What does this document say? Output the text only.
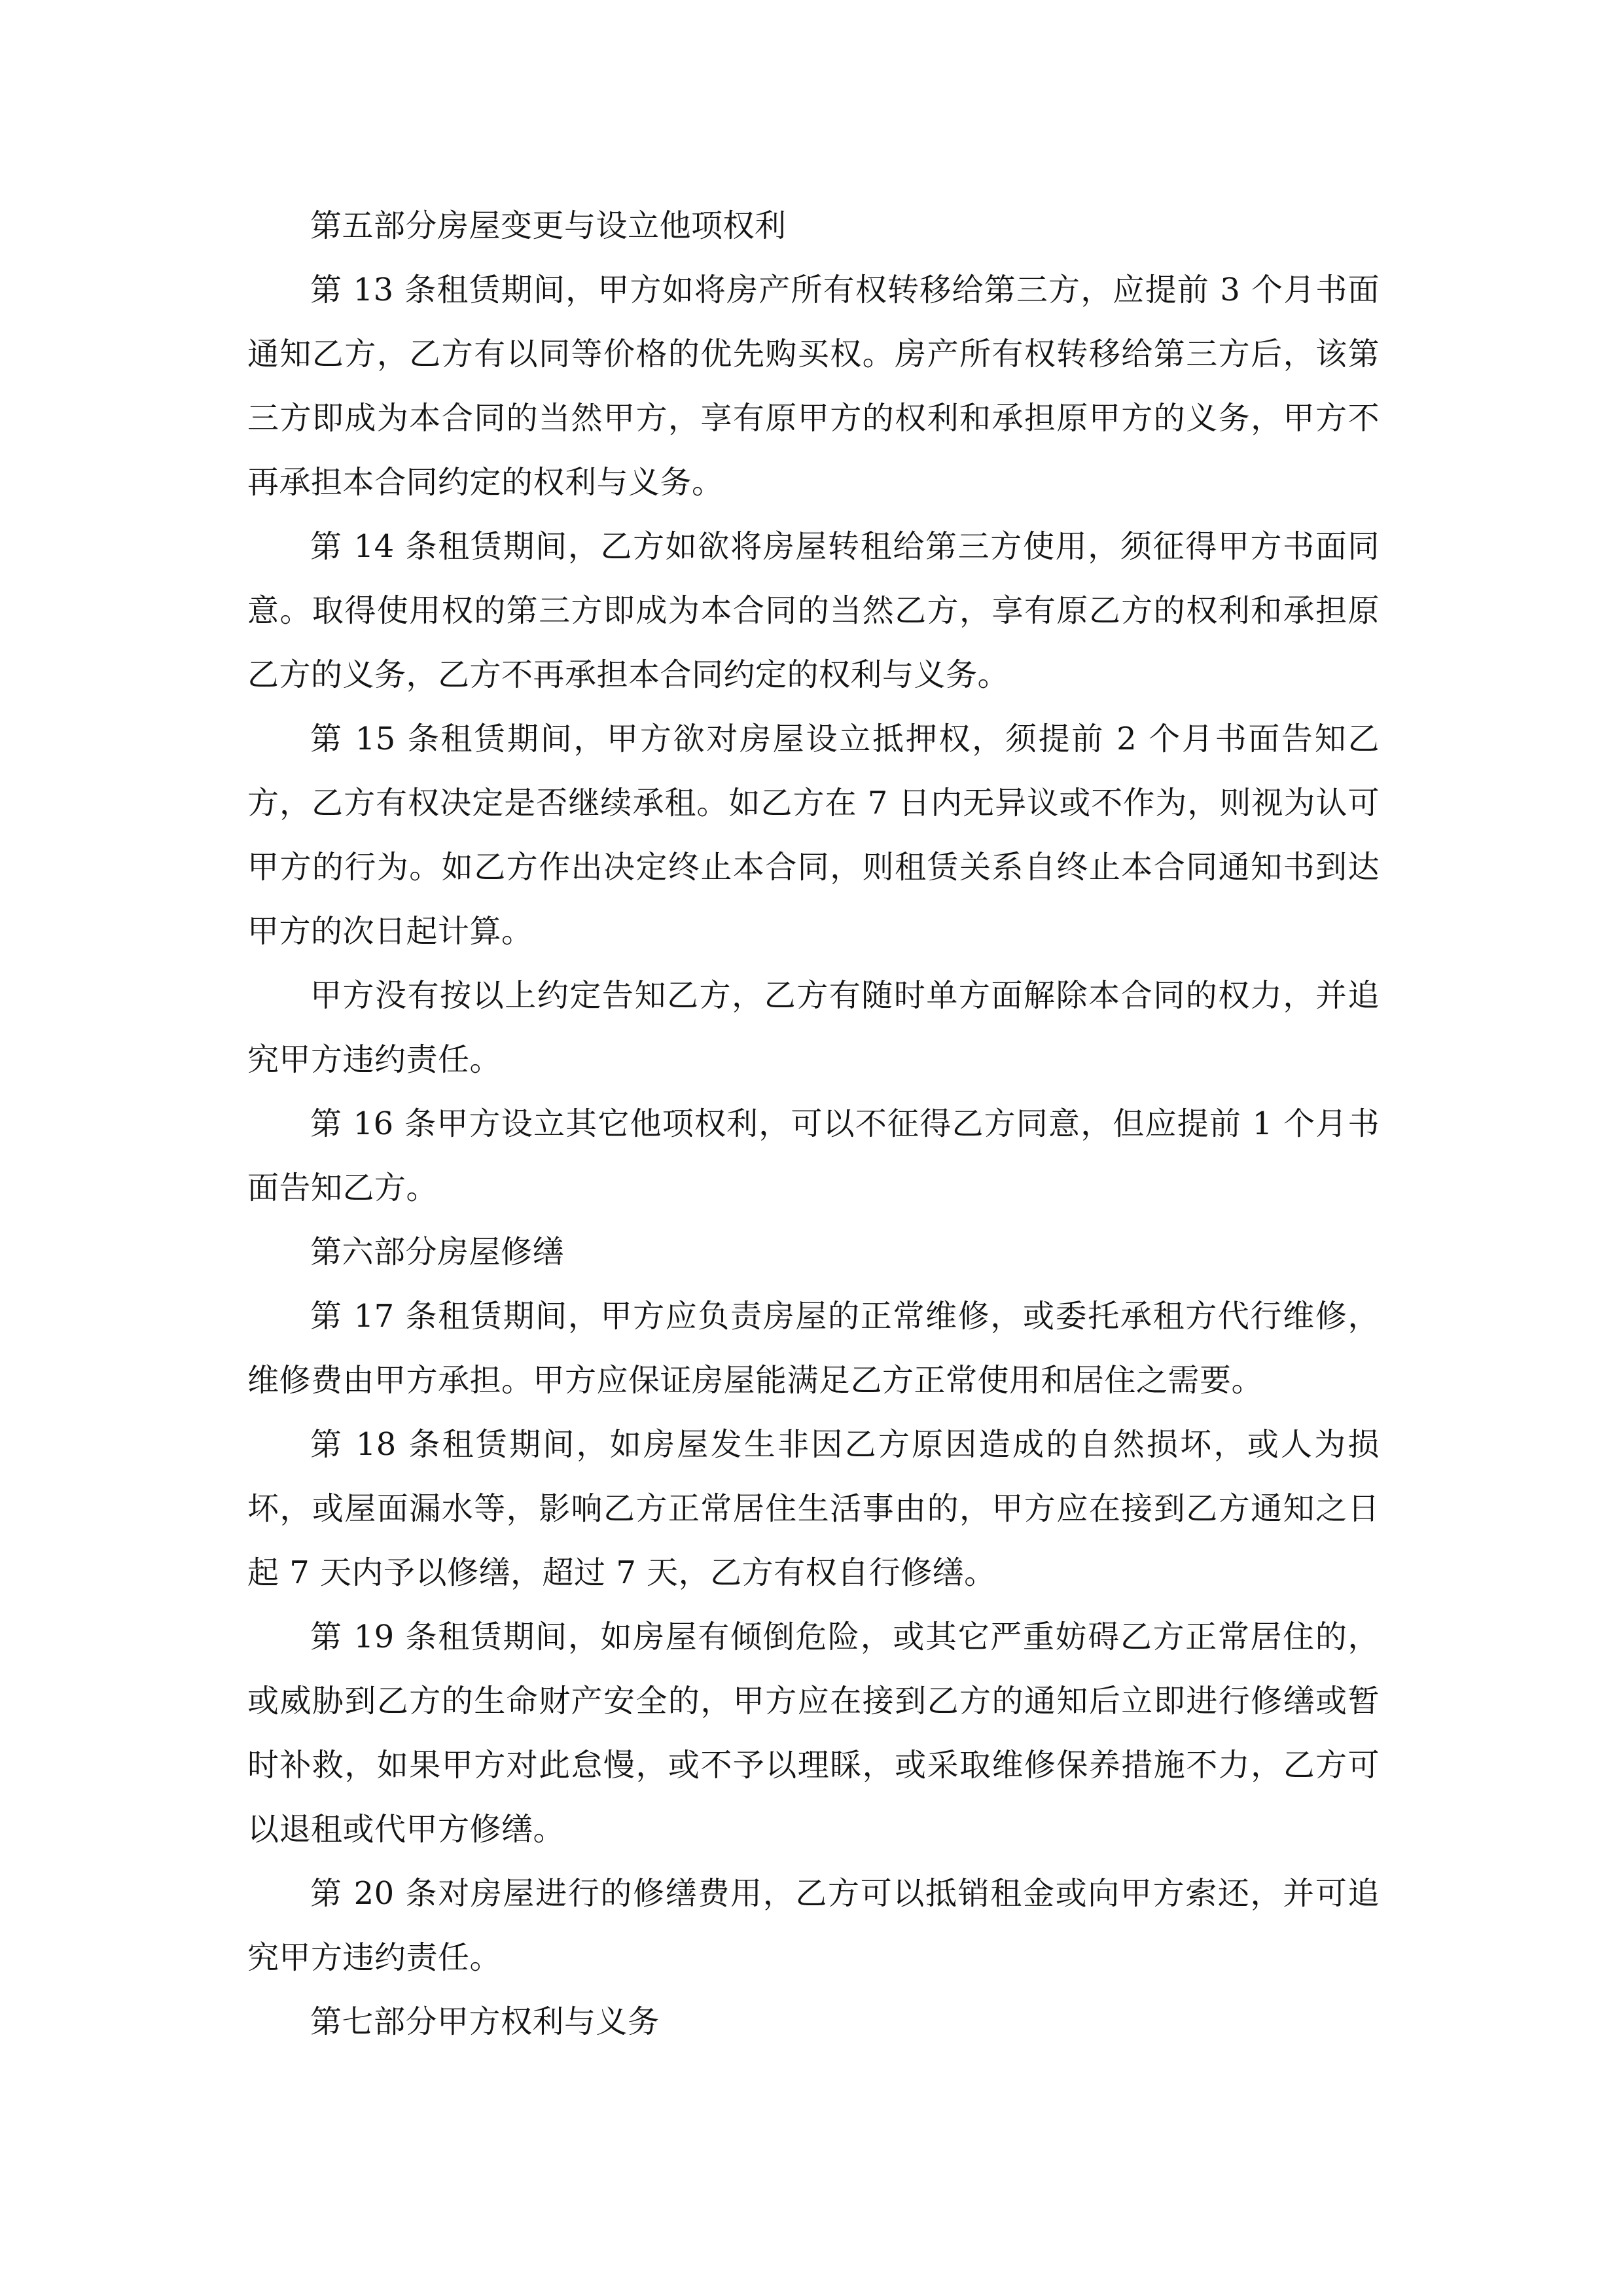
第五部分房屋变更与设立他项权利

第 13 条租赁期间，甲方如将房产所有权转移给第三方，应提前 3 个月书面通知乙方，乙方有以同等价格的优先购买权。房产所有权转移给第三方后，该第三方即成为本合同的当然甲方，享有原甲方的权利和承担原甲方的义务，甲方不再承担本合同约定的权利与义务。

第 14 条租赁期间，乙方如欲将房屋转租给第三方使用，须征得甲方书面同意。取得使用权的第三方即成为本合同的当然乙方，享有原乙方的权利和承担原乙方的义务，乙方不再承担本合同约定的权利与义务。

第 15 条租赁期间，甲方欲对房屋设立抵押权，须提前 2 个月书面告知乙方，乙方有权决定是否继续承租。如乙方在 7 日内无异议或不作为，则视为认可甲方的行为。如乙方作出决定终止本合同，则租赁关系自终止本合同通知书到达甲方的次日起计算。

甲方没有按以上约定告知乙方，乙方有随时单方面解除本合同的权力，并追究甲方违约责任。

第 16 条甲方设立其它他项权利，可以不征得乙方同意，但应提前 1 个月书面告知乙方。

第六部分房屋修缮

第 17 条租赁期间，甲方应负责房屋的正常维修，或委托承租方代行维修，维修费由甲方承担。甲方应保证房屋能满足乙方正常使用和居住之需要。

第 18 条租赁期间，如房屋发生非因乙方原因造成的自然损坏，或人为损坏，或屋面漏水等，影响乙方正常居住生活事由的，甲方应在接到乙方通知之日起 7 天内予以修缮，超过 7 天，乙方有权自行修缮。

第 19 条租赁期间，如房屋有倾倒危险，或其它严重妨碍乙方正常居住的，或威胁到乙方的生命财产安全的，甲方应在接到乙方的通知后立即进行修缮或暂时补救，如果甲方对此怠慢，或不予以理睬，或采取维修保养措施不力，乙方可以退租或代甲方修缮。

第 20 条对房屋进行的修缮费用，乙方可以抵销租金或向甲方索还，并可追究甲方违约责任。

第七部分甲方权利与义务
